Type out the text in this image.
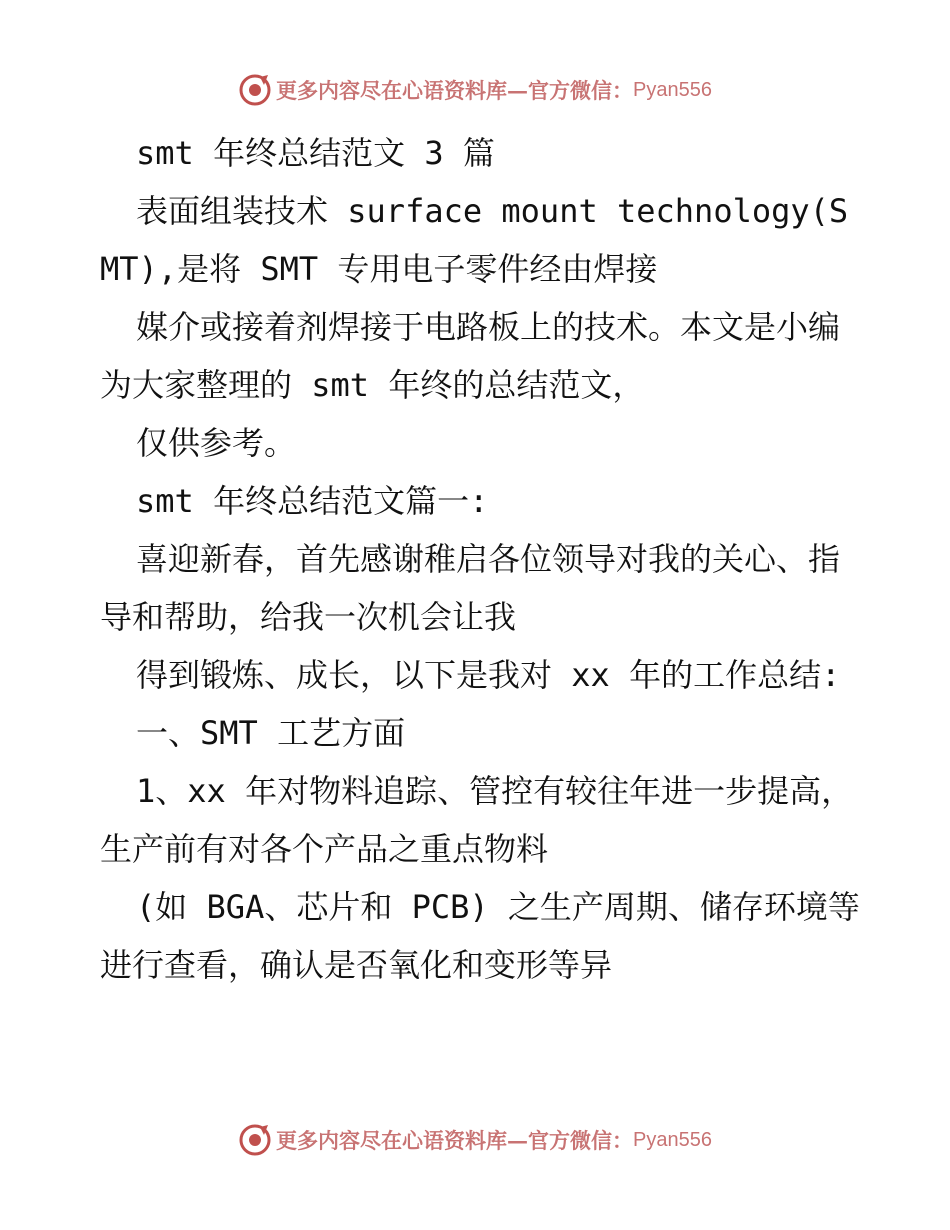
更多内容尽在心语资料库—官方微信： Pyan556

smt 年终总结范文 3 篇

表面组装技术 surface mount technology(SMT),是将 SMT 专用电子零件经由焊接

媒介或接着剂焊接于电路板上的技术。本文是小编为大家整理的 smt 年终的总结范文，

仅供参考。

smt 年终总结范文篇一:

喜迎新春，首先感谢稚启各位领导对我的关心、指导和帮助，给我一次机会让我

得到锻炼、成长，以下是我对 xx 年的工作总结:

一、SMT 工艺方面

1、xx 年对物料追踪、管控有较往年进一步提高，生产前有对各个产品之重点物料

(如 BGA、芯片和 PCB) 之生产周期、储存环境等进行查看，确认是否氧化和变形等异

更多内容尽在心语资料库—官方微信： Pyan556
